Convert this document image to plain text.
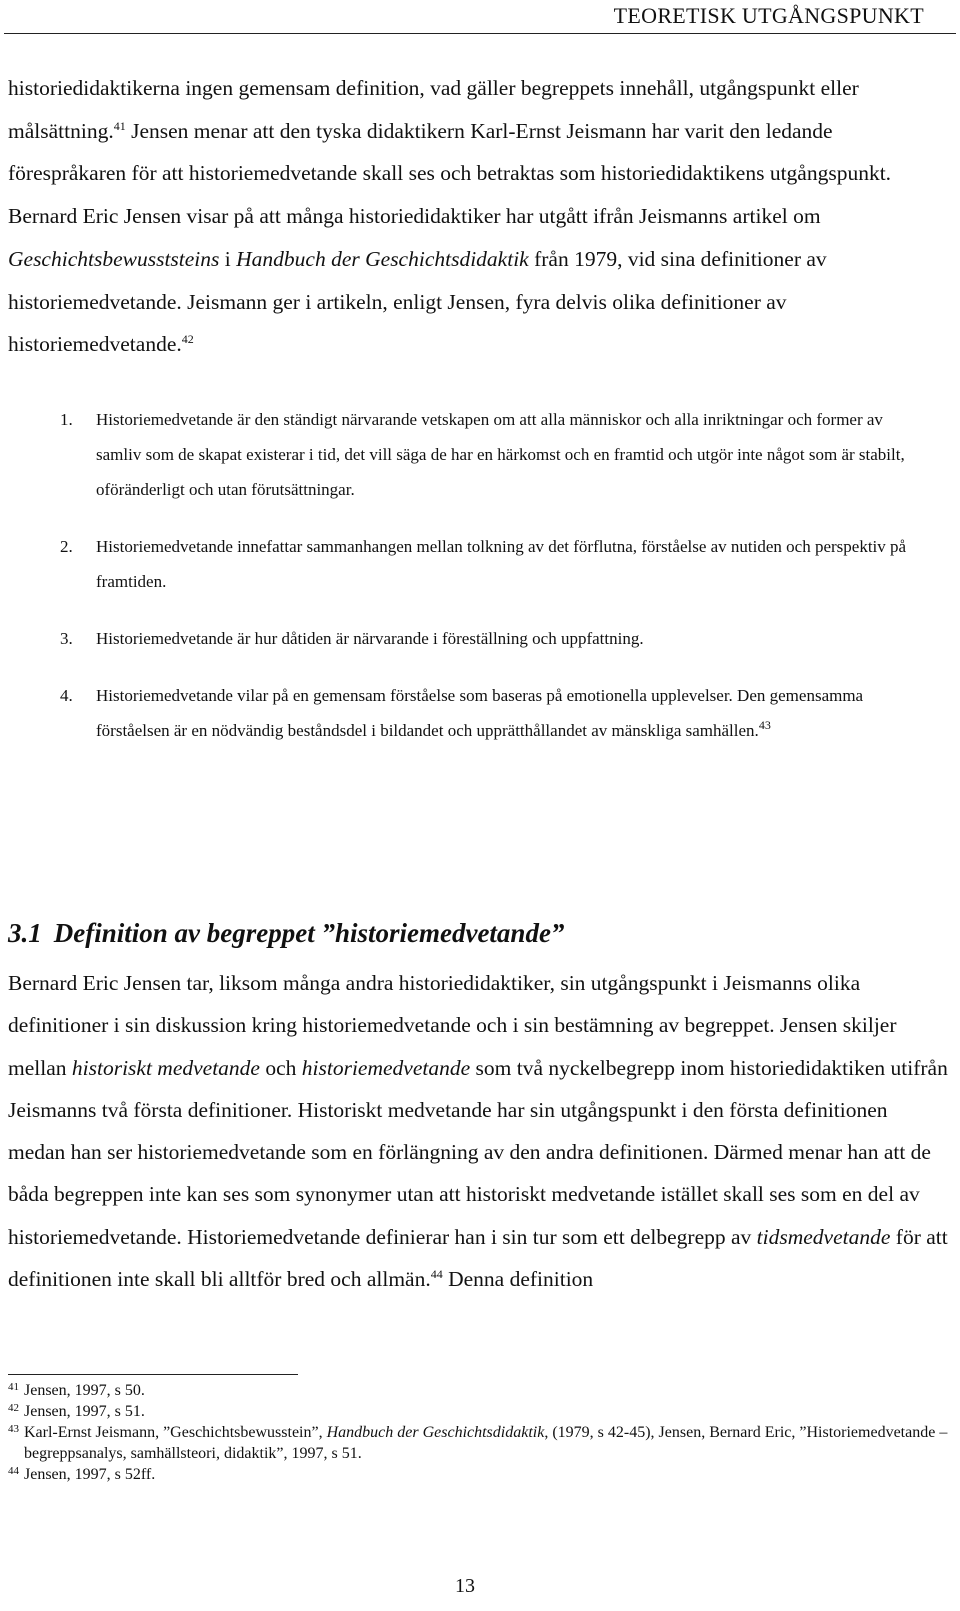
TEORETISK UTGÅNGSPUNKT

historiedidaktikerna ingen gemensam definition, vad gäller begreppets innehåll, utgångspunkt eller målsättning.$^{41}$ Jensen menar att den tyska didaktikern Karl-Ernst Jeismann har varit den ledande förespråkaren för att historiemedvetande skall ses och betraktas som historiedidaktikens utgångspunkt. Bernard Eric Jensen visar på att många historiedidaktiker har utgått ifrån Jeismanns artikel om Geschichtsbewusststeins i Handbuch der Geschichtsdidaktik från 1979, vid sina definitioner av historiemedvetande. Jeismann ger i artikeln, enligt Jensen, fyra delvis olika definitioner av historiemedvetande.$^{42}$

1. Historiemedvetande är den ständigt närvarande vetskapen om att alla människor och alla inriktningar och former av samliv som de skapat existerar i tid, det vill säga de har en härkomst och en framtid och utgör inte något som är stabilt, oföränderligt och utan förutsättningar.
2. Historiemedvetande innefattar sammanhangen mellan tolkning av det förflutna, förståelse av nutiden och perspektiv på framtiden.
3. Historiemedvetande är hur dåtiden är närvarande i föreställning och uppfattning.
4. Historiemedvetande vilar på en gemensam förståelse som baseras på emotionella upplevelser. Den gemensamma förståelsen är en nödvändig beståndsdel i bildandet och upprätthållandet av mänskliga samhällen.$^{43}$
3.1 Definition av begreppet ”historiemedvetande”

Bernard Eric Jensen tar, liksom många andra historiedidaktiker, sin utgångspunkt i Jeismanns olika definitioner i sin diskussion kring historiemedvetande och i sin bestämning av begreppet. Jensen skiljer mellan historiskt medvetande och historiemedvetande som två nyckelbegrepp inom historiedidaktiken utifrån Jeismanns två första definitioner. Historiskt medvetande har sin utgångspunkt i den första definitionen medan han ser historiemedvetande som en förlängning av den andra definitionen. Därmed menar han att de båda begreppen inte kan ses som synonymer utan att historiskt medvetande istället skall ses som en del av historiemedvetande. Historiemedvetande definierar han i sin tur som ett delbegrepp av tidsmedvetande för att definitionen inte skall bli alltför bred och allmän.$^{44}$ Denna definition

41 Jensen, 1997, s 50.
42 Jensen, 1997, s 51.
43 Karl-Ernst Jeismann, ”Geschichtsbewusstein”, Handbuch der Geschichtsdidaktik, (1979, s 42-45), Jensen, Bernard Eric, ”Historiemedvetande – begreppsanalys, samhällsteori, didaktik”, 1997, s 51.
44 Jensen, 1997, s 52ff.
13
